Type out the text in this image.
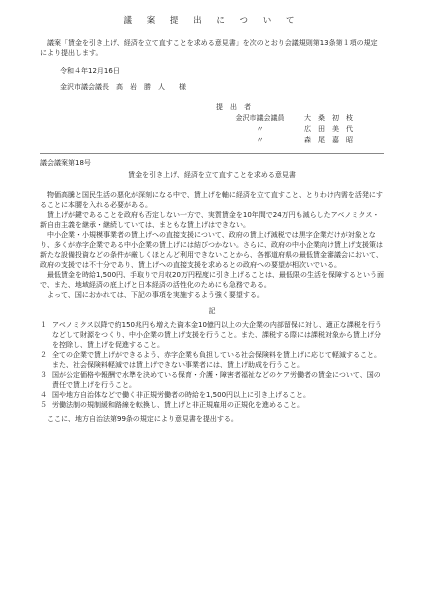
議 案 提 出 に つ い て

議案「賃金を引き上げ、経済を立て直すことを求める意見書」を次のとおり会議規則第13条第１項の規定により提出します。

令和４年12月16日

金沢市議会議長　高　岩　勝　人　　様

提　出　者
金沢市議会議員	大　桑　初　枝
〃	広　田　美　代
〃	森　尾　嘉　昭

議会議案第18号

賃金を引き上げ、経済を立て直すことを求める意見書

物価高騰と国民生活の悪化が深刻になる中で、賃上げを軸に経済を立て直すこと、とりわけ内需を活発にすることに本腰を入れる必要がある。

賃上げが鍵であることを政府も否定しない一方で、実質賃金を10年間で24万円も減らしたアベノミクス・新自由主義を継承・継続していては、まともな賃上げはできない。

中小企業・小規模事業者の賃上げへの直接支援について、政府の賃上げ減税では黒字企業だけが対象となり、多くが赤字企業である中小企業の賃上げには結びつかない。さらに、政府の中小企業向け賃上げ支援策は新たな設備投資などの条件が厳しくほとんど利用できないことから、各都道府県の最低賃金審議会において、政府の支援では不十分であり、賃上げへの直接支援を求めるとの政府への要望が相次いでいる。

最低賃金を時給1,500円、手取りで月収20万円程度に引き上げることは、最低限の生活を保障するという面で、また、地域経済の底上げと日本経済の活性化のためにも急務である。

よって、国におかれては、下記の事項を実施するよう強く要望する。

記
１ アベノミクス以降で約150兆円も増えた資本金10億円以上の大企業の内部留保に対し、適正な課税を行うなどして財源をつくり、中小企業の賃上げ支援を行うこと。また、課税する際には課税対象から賃上げ分を控除し、賃上げを促進すること。
２ 全ての企業で賃上げができるよう、赤字企業も負担している社会保険料を賃上げに応じて軽減すること。また、社会保険料軽減では賃上げできない事業者には、賃上げ助成を行うこと。
３ 国が公定価格や報酬で水準を決めている保育・介護・障害者福祉などのケア労働者の賃金について、国の責任で賃上げを行うこと。
４ 国や地方自治体などで働く非正規労働者の時給を1,500円以上に引き上げること。
５ 労働法制の規制緩和路線を転換し、賃上げと非正規雇用の正規化を進めること。

ここに、地方自治法第99条の規定により意見書を提出する。
